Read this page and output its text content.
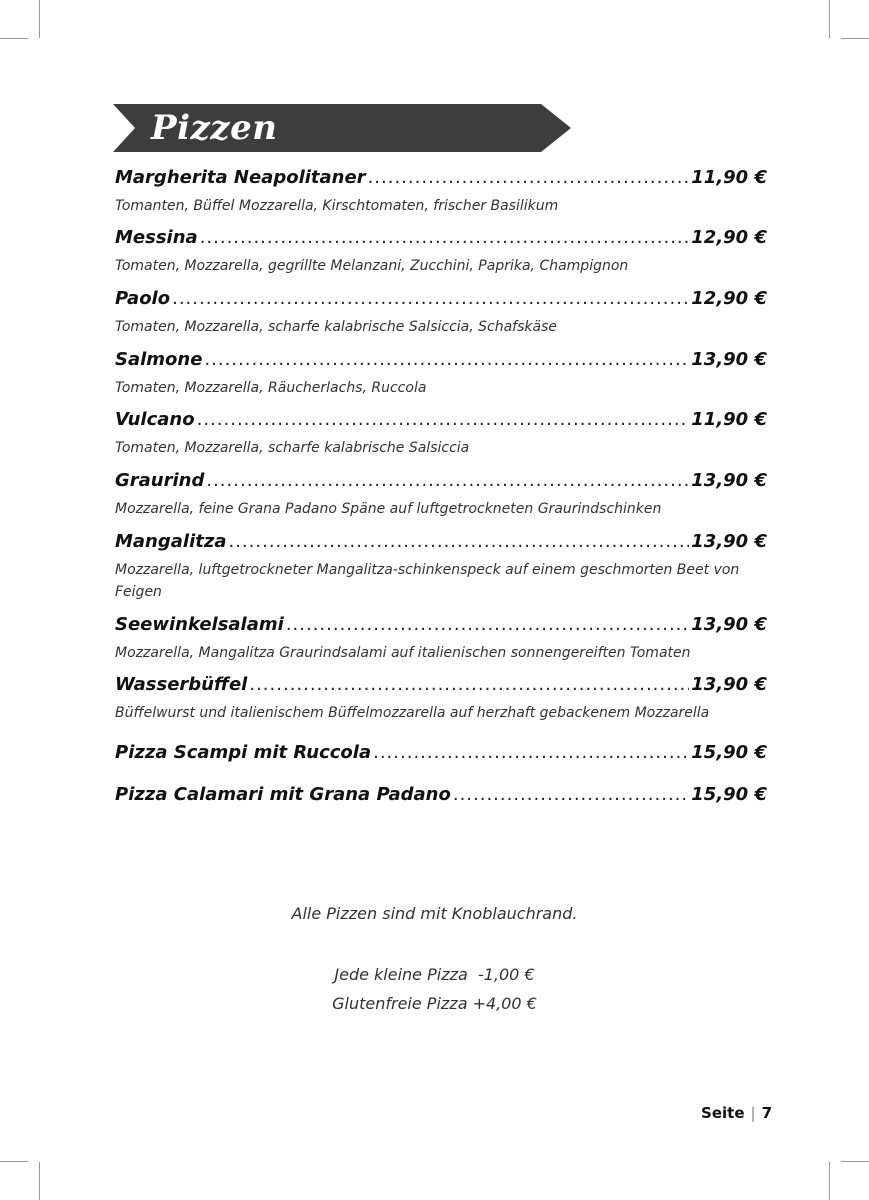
Pizzen
Margherita Neapolitaner .....	11,90 €
Tomanten, Büffel Mozzarella, Kirschtomaten, frischer Basilikum
Messina .....	12,90 €
Tomaten, Mozzarella, gegrillte Melanzani, Zucchini, Paprika, Champignon
Paolo .....	12,90 €
Tomaten, Mozzarella, scharfe kalabrische Salsiccia, Schafskäse
Salmone .....	13,90 €
Tomaten, Mozzarella, Räucherlachs, Ruccola
Vulcano .....	11,90 €
Tomaten, Mozzarella, scharfe kalabrische Salsiccia
Graurind .....	13,90 €
Mozzarella, feine Grana Padano Späne auf luftgetrockneten Graurindschinken
Mangalitza .....	13,90 €
Mozzarella, luftgetrockneter Mangalitza-schinkenspeck auf einem geschmorten Beet von Feigen
Seewinkelsalami .....	13,90 €
Mozzarella, Mangalitza Graurindsalami auf italienischen sonnengereiften Tomaten
Wasserbüffel .....	13,90 €
Büffelwurst und italienischem Büffelmozzarella auf herzhaft gebackenem Mozzarella
Pizza Scampi mit Ruccola .....	15,90 €
Pizza Calamari mit Grana Padano .....	15,90 €
Alle Pizzen sind mit Knoblauchrand.
Jede kleine Pizza  -1,00 €
Glutenfreie Pizza +4,00 €
Seite | 7
